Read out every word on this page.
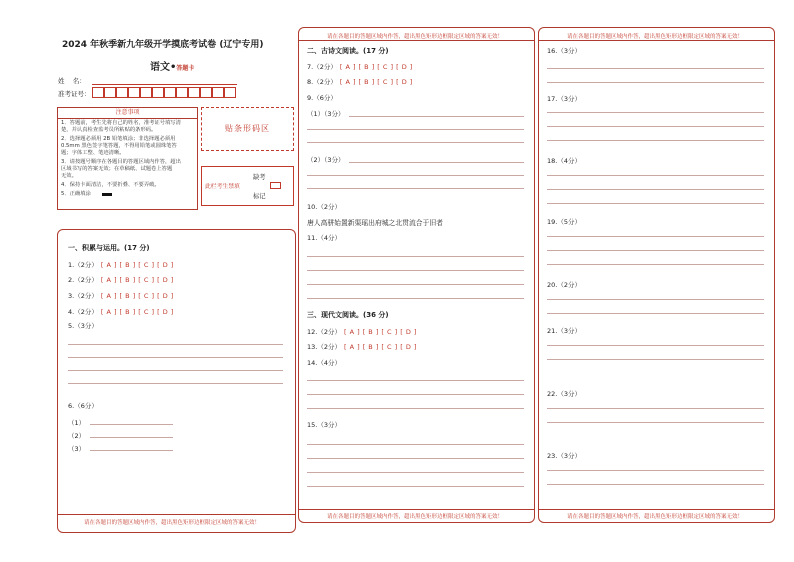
2024 年秋季新九年级开学摸底考试卷 (辽宁专用)
语文•答题卡
姓    名：
准考证号：
注意事项
1．答题前，考生先将自己的姓名，准考证号填写清
楚，并认真检查监考员所粘贴的条形码。
2．选择题必须用 2B 铅笔填涂；非选择题必须用
0.5mm 黑色签字笔答题，不得用铅笔或圆珠笔答
题；字体工整、笔迹清晰。
3．请按题号顺序在各题目的答题区域内作答，超出
区域书写的答案无效；在草稿纸、试题卷上答题
无效。
4．保持卡面清洁，不要折叠、不要弄破。
5．正确填涂
贴条形码区
此栏考生禁填
缺考
标记
一、积累与运用。(17 分)
1.（2分） [ A ] [ B ] [ C ] [ D ]
2.（2分） [ A ] [ B ] [ C ] [ D ]
3.（2分） [ A ] [ B ] [ C ] [ D ]
4.（2分） [ A ] [ B ] [ C ] [ D ]
5.（3分）
6.（6分）
（1）
（2）
（3）
请在各题目的答题区域内作答，超出黑色矩形边框限定区域的答案无效！
请在各题目的答题区域内作答，超出黑色矩形边框限定区域的答案无效！
二、古诗文阅读。(17 分)
7.（2分） [ A ] [ B ] [ C ] [ D ]
8.（2分） [ A ] [ B ] [ C ] [ D ]
9.（6分）
（1）（3分）
（2）（3分）
10.（2分）
唐人高骈始置新渠瑶出府城之北贯流合于旧者
11.（4分）
三、现代文阅读。(36 分)
12.（2分） [ A ] [ B ] [ C ] [ D ]
13.（2分） [ A ] [ B ] [ C ] [ D ]
14.（4分）
15.（3分）
请在各题目的答题区域内作答，超出黑色矩形边框限定区域的答案无效！
请在各题目的答题区域内作答，超出黑色矩形边框限定区域的答案无效！
16.（3分）
17.（3分）
18.（4分）
19.（5分）
20.（2分）
21.（3分）
22.（3分）
23.（3分）
请在各题目的答题区域内作答，超出黑色矩形边框限定区域的答案无效！
